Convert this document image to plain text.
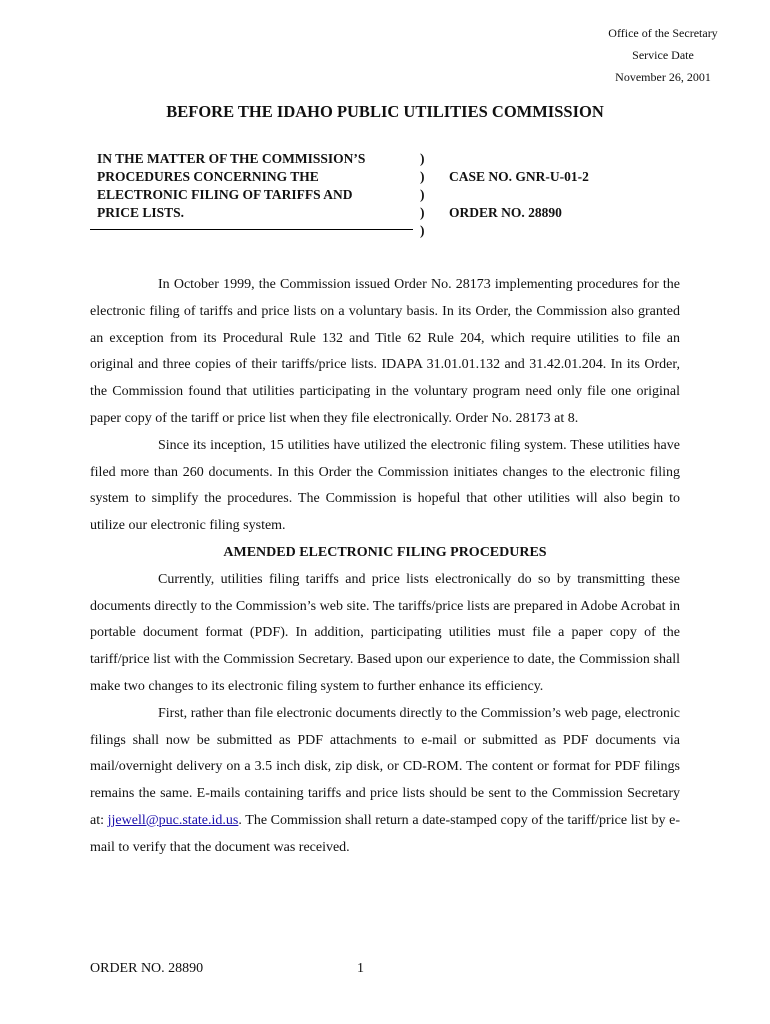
Office of the Secretary
Service Date
November 26, 2001
BEFORE THE IDAHO PUBLIC UTILITIES COMMISSION
IN THE MATTER OF THE COMMISSION’S
PROCEDURES CONCERNING THE
ELECTRONIC FILING OF TARIFFS AND
PRICE LISTS.
)
)
)
)
)
CASE NO. GNR-U-01-2
ORDER NO. 28890

In October 1999, the Commission issued Order No. 28173 implementing procedures for the electronic filing of tariffs and price lists on a voluntary basis. In its Order, the Commission also granted an exception from its Procedural Rule 132 and Title 62 Rule 204, which require utilities to file an original and three copies of their tariffs/price lists. IDAPA 31.01.01.132 and 31.42.01.204. In its Order, the Commission found that utilities participating in the voluntary program need only file one original paper copy of the tariff or price list when they file electronically. Order No. 28173 at 8.

Since its inception, 15 utilities have utilized the electronic filing system. These utilities have filed more than 260 documents. In this Order the Commission initiates changes to the electronic filing system to simplify the procedures. The Commission is hopeful that other utilities will also begin to utilize our electronic filing system.

AMENDED ELECTRONIC FILING PROCEDURES

Currently, utilities filing tariffs and price lists electronically do so by transmitting these documents directly to the Commission’s web site. The tariffs/price lists are prepared in Adobe Acrobat in portable document format (PDF). In addition, participating utilities must file a paper copy of the tariff/price list with the Commission Secretary. Based upon our experience to date, the Commission shall make two changes to its electronic filing system to further enhance its efficiency.

First, rather than file electronic documents directly to the Commission’s web page, electronic filings shall now be submitted as PDF attachments to e-mail or submitted as PDF documents via mail/overnight delivery on a 3.5 inch disk, zip disk, or CD-ROM. The content or format for PDF filings remains the same. E-mails containing tariffs and price lists should be sent to the Commission Secretary at: jjewell@puc.state.id.us. The Commission shall return a date-stamped copy of the tariff/price list by e-mail to verify that the document was received.

ORDER NO. 28890	1
